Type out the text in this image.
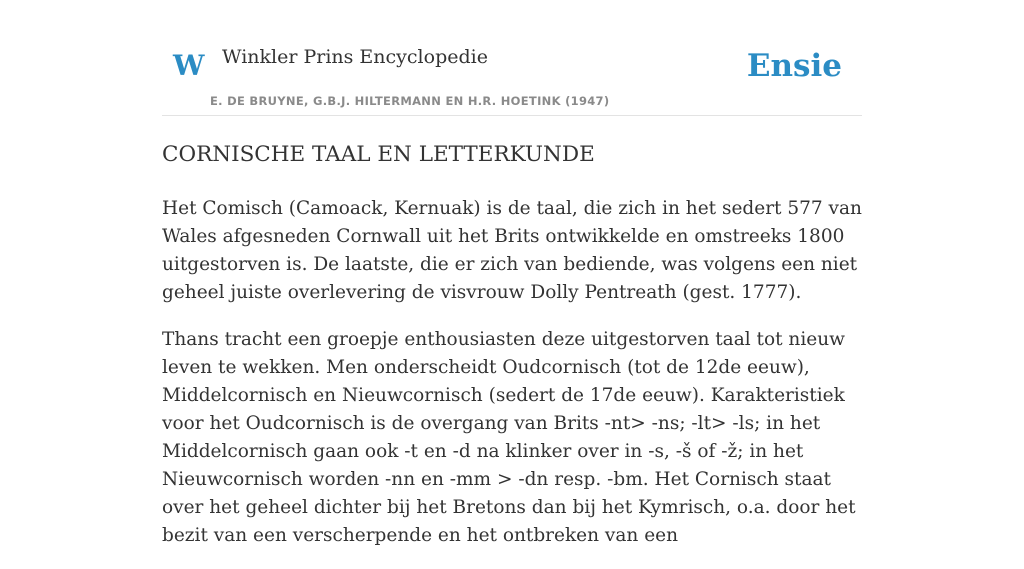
W Winkler Prins Encyclopedie
E. DE BRUYNE, G.B.J. HILTERMANN EN H.R. HOETINK (1947)
Ensie
CORNISCHE TAAL EN LETTERKUNDE

Het Comisch (Camoack, Kernuak) is de taal, die zich in het sedert 577 van Wales afgesneden Cornwall uit het Brits ontwikkelde en omstreeks 1800 uitgestorven is. De laatste, die er zich van bediende, was volgens een niet geheel juiste overlevering de visvrouw Dolly Pentreath (gest. 1777).

Thans tracht een groepje enthousiasten deze uitgestorven taal tot nieuw leven te wekken. Men onderscheidt Oudcornisch (tot de 12de eeuw), Middelcornisch en Nieuwcornisch (sedert de 17de eeuw). Karakteristiek voor het Oudcornisch is de overgang van Brits -nt> -ns; -lt> -ls; in het Middelcornisch gaan ook -t en -d na klinker over in -s, -š of -ž; in het Nieuwcornisch worden -nn en -mm > -dn resp. -bm. Het Cornisch staat over het geheel dichter bij het Bretons dan bij het Kymrisch, o.a. door het bezit van een verscherpende en het ontbreken van een
